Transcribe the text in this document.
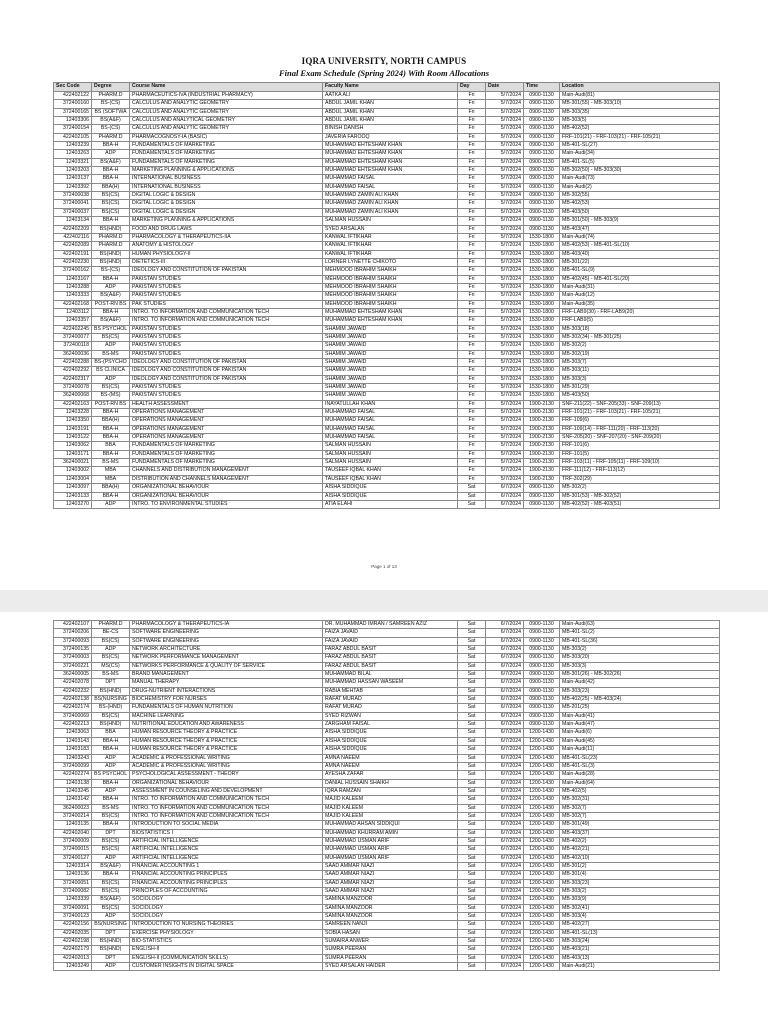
IQRA UNIVERSITY, NORTH CAMPUS
Final Exam Schedule (Spring 2024) With Room Allocations
Sec Code	Degree	Course Name	Faculty Name	Day	Date	Time	Location
422402122	PHARM.D	PHARMACEUTICS-IVA (INDUSTRIAL PHARMACY)	AATKA ALI	Fri	5/7/2024	0900-1130	Main-Audi(81)
372400160	BS-(CS)	CALCULUS AND ANALYTIC GEOMETRY	ABDUL JAMIL KHAN	Fri	5/7/2024	0900-1130	MB-301(55) - MB-303(10)
372400165	BS (SOFTWA	CALCULUS AND ANALYTIC GEOMETRY	ABDUL JAMIL KHAN	Fri	5/7/2024	0900-1130	MB-303(35)
12403306	BS(A&F)	CALCULUS AND ANALYTICAL GEOMETRY	ABDUL JAMIL KHAN	Fri	5/7/2024	0900-1130	MB-303(5)
372400154	BS-(CS)	CALCULUS AND ANALYTIC GEOMETRY	BINISH DANISH	Fri	5/7/2024	0900-1130	MB-402(52)
422402105	PHARM.D	PHARMACOGNOSY-IA (BASIC)	JAVERIA FAROOQ	Fri	5/7/2024	0900-1130	FRF-101(21) - FRF-103(21) - FRF-105(21)
12403239	BBA-H	FUNDAMENTALS OF MARKETING	MUHAMMAD EHTESHAM KHAN	Fri	5/7/2024	0900-1130	MB-401-SL(27)
12403263	ADP	FUNDAMENTALS OF MARKETING	MUHAMMAD EHTESHAM KHAN	Fri	5/7/2024	0900-1130	Main-Audi(34)
12403321	BS(A&F)	FUNDAMENTALS OF MARKETING	MUHAMMAD EHTESHAM KHAN	Fri	5/7/2024	0900-1130	MB-401-SL(5)
12403203	BBA-H	MARKETING PLANNING & APPLICATIONS	MUHAMMAD EHTESHAM KHAN	Fri	5/7/2024	0900-1130	MB-302(50) - MB-303(30)
12403137	BBA-H	INTERNATIONAL BUSINESS	MUHAMMAD FAISAL	Fri	5/7/2024	0900-1130	Main-Audi(73)
12403392	BBA(H)	INTERNATIONAL BUSINESS	MUHAMMAD FAISAL	Fri	5/7/2024	0900-1130	Main-Audi(2)
372400038	BS(CS)	DIGITAL LOGIC & DESIGN	MUHAMMAD ZAMIN ALI KHAN	Fri	5/7/2024	0900-1130	MB-302(55)
372400041	BS(CS)	DIGITAL LOGIC & DESIGN	MUHAMMAD ZAMIN ALI KHAN	Fri	5/7/2024	0900-1130	MB-402(53)
372400037	BS(CS)	DIGITAL LOGIC & DESIGN	MUHAMMAD ZAMIN ALI KHAN	Fri	5/7/2024	0900-1130	MB-403(50)
12403134	BBA-H	MARKETING PLANNING & APPLICATIONS	SALMAN HUSSAIN	Fri	5/7/2024	0900-1130	MB-301(50) - MB-303(9)
422402209	BS(HND)	FOOD AND DRUG LAWS	SYED ARSALAN	Fri	5/7/2024	0900-1130	MB-403(47)
422402116	PHARM.D	PHARMACOLOGY & THERAPEUTICS-IIA	KANWAL IFTIKHAR	Fri	5/7/2024	1530-1800	Main-Audi(74)
422402089	PHARM.D	ANATOMY & HISTOLOGY	KANWAL IFTIKHAR	Fri	5/7/2024	1530-1800	MB-402(53) - MB-401-SL(10)
422402191	BS(HND)	HUMAN PHYSIOLOGY-II	KANWAL IFTIKHAR	Fri	5/7/2024	1530-1800	MB-403(40)
422402230	BS(HND)	DIETETICS-III	LORNER LYNETTE CHIKOTO	Fri	5/7/2024	1530-1800	MB-301(22)
372400162	BS-(CS)	IDEOLOGY AND CONSTITUTION OF PAKISTAN	MEHMOOD IBRAHIM SHAIKH	Fri	5/7/2024	1530-1800	MB-401-SL(9)
12403167	BBA-H	PAKISTAN STUDIES	MEHMOOD IBRAHIM SHAIKH	Fri	5/7/2024	1530-1800	MB-402(45) - MB-401-SL(20)
12403288	ADP	PAKISTAN STUDIES	MEHMOOD IBRAHIM SHAIKH	Fri	5/7/2024	1530-1800	Main-Audi(31)
12403333	BS(A&F)	PAKISTAN STUDIES	MEHMOOD IBRAHIM SHAIKH	Fri	5/7/2024	1530-1800	Main-Audi(12)
422402168	POST-RN BS	PAK STUDIES	MEHMOOD IBRAHIM SHAIKH	Fri	5/7/2024	1530-1800	Main-Audi(35)
12403112	BBA-H	INTRO. TO INFORMATION AND COMMUNICATION TECH	MUHAMMAD EHTESHAM KHAN	Fri	5/7/2024	1530-1800	FRF-LAB9(30) - FRF-LAB9(20)
12403357	BS(A&F)	INTRO. TO INFORMATION AND COMMUNICATION TECH	MUHAMMAD EHTESHAM KHAN	Fri	5/7/2024	1530-1800	FRF-LAB9(5)
422402245	BS PSYCHOL	PAKISTAN STUDIES	SHAMIM JAWAID	Fri	5/7/2024	1530-1800	MB-303(18)
372400077	BS(CS)	PAKISTAN STUDIES	SHAMIM JAWAID	Fri	5/7/2024	1530-1800	MB-302(34) - MB-301(25)
372400118	ADP	PAKISTAN STUDIES	SHAMIM JAWAID	Fri	5/7/2024	1530-1800	MB-302(2)
362400036	BS-MS	PAKISTAN STUDIES	SHAMIM JAWAID	Fri	5/7/2024	1530-1800	MB-302(19)
422402288	BS-(PSYCHO	IDEOLOGY AND CONSTITUTION OF PAKISTAN	SHAMIM JAWAID	Fri	5/7/2024	1530-1800	MB-303(7)
422402292	BS CLINICA	IDEOLOGY AND CONSTITUTION OF PAKISTAN	SHAMIM JAWAID	Fri	5/7/2024	1530-1800	MB-303(11)
422402317	ADP	IDEOLOGY AND CONSTITUTION OF PAKISTAN	SHAMIM JAWAID	Fri	5/7/2024	1530-1800	MB-303(3)
372400078	BS(CS)	PAKISTAN STUDIES	SHAMIM JAWAID	Fri	5/7/2024	1530-1800	MB-301(29)
362400068	BS-(MS)	PAKISTAN STUDIES	SHAMIM JAWAID	Fri	5/7/2024	1530-1800	MB-403(50)
422402163	POST-RN BS	HEALTH ASSESSMENT	INAYATULLAH KHAN	Fri	5/7/2024	1900-2130	SNF-211(22) - SNF-205(33) - SNF-209(13)
12403228	BBA-H	OPERATIONS MANAGEMENT	MUHAMMAD FAISAL	Fri	5/7/2024	1900-2130	FRF-101(21) - FRF-103(21) - FRF-105(21)
12403350	BBA(H)	OPERATIONS MANAGEMENT	MUHAMMAD FAISAL	Fri	5/7/2024	1900-2130	FRF-109(6)
12403191	BBA-H	OPERATIONS MANAGEMENT	MUHAMMAD FAISAL	Fri	5/7/2024	1900-2130	FRF-109(14) - FRF-111(20) - FRF-113(20)
12403122	BBA-H	OPERATIONS MANAGEMENT	MUHAMMAD FAISAL	Fri	5/7/2024	1900-2130	SNF-205(20) - SNF-207(20) - SNF-209(20)
12403062	BBA	FUNDAMENTALS OF MARKETING	SALMAN HUSSAIN	Fri	5/7/2024	1900-2130	FRF-101(6)
12403171	BBA-H	FUNDAMENTALS OF MARKETING	SALMAN HUSSAIN	Fri	5/7/2024	1900-2130	FRF-101(5)
362400021	BS-MS	FUNDAMENTALS OF MARKETING	SALMAN HUSSAIN	Fri	5/7/2024	1900-2130	FRF-103(11) - FRF-105(11) - FRF-109(10)
12403002	MBA	CHANNELS AND DISTRIBUTION MANAGEMENT	TAUSEEF IQBAL KHAN	Fri	5/7/2024	1900-2130	FRF-111(12) - FRF-113(12)
12403004	MBA	DISTRIBUTION AND CHANNELS MANAGEMENT	TAUSEEF IQBAL KHAN	Fri	5/7/2024	1900-2130	TRF-302(29)
12403097	BBA(H)	ORGANIZATIONAL BEHAVIOUR	AISHA SIDDIQUE	Sat	6/7/2024	0900-1130	MB-302(2)
12403133	BBA-H	ORGANIZATIONAL BEHAVIOUR	AISHA SIDDIQUE	Sat	6/7/2024	0900-1130	MB-301(53) - MB-302(52)
12403270	ADP	INTRO. TO ENVIRONMENTAL STUDIES	ATIA ELAHI	Sat	6/7/2024	0900-1130	MB-402(52) - MB-403(51)
Page 1 of 13
422402107	PHARM.D	PHARMACOLOGY & THERAPEUTICS-IA	DR. MUHAMMAD IMRAN / SAMREEN AZIZ	Sat	6/7/2024	0900-1130	Main-Audi(63)
372400206	BE-CS	SOFTWARE ENGINEERING	FAIZA JAVAID	Sat	6/7/2024	0900-1130	MB-401-SL(2)
372400093	BS(CS)	SOFTWARE ENGINEERING	FAIZA JAVAID	Sat	6/7/2024	0900-1130	MB-401-SL(36)
372400135	ADP	NETWORK ARCHITECTURE	FARAZ ABDUL BASIT	Sat	6/7/2024	0900-1130	MB-303(2)
372400003	BS(CS)	NETWORK PERFORMANCE MANAGEMENT	FARAZ ABDUL BASIT	Sat	6/7/2024	0900-1130	MB-303(20)
372400221	MS(CS)	NETWORKS PERFORMANCE & QUALITY OF SERVICE	FARAZ ABDUL BASIT	Sat	6/7/2024	0900-1130	MB-303(3)
362400005	BS-MS	BRAND MANAGEMENT	MUHAMMAD BILAL	Sat	6/7/2024	0900-1130	MB-301(26) - MB-302(26)
422402078	DPT	MANUAL THERAPY	MUHAMMAD HASSAN WASEEM	Sat	6/7/2024	0900-1130	Main-Audi(42)
422402232	BS(HND)	DRUG-NUTRIENT INTERACTIONS	RABIA MEHTAB	Sat	6/7/2024	0900-1130	MB-303(23)
422402138	BS(NURSING	BIOCHEMISTRY FOR NURSES	RAFAT MURAD	Sat	6/7/2024	0900-1130	MB-402(25) - MB-403(24)
422402174	BS-(HND)	FUNDAMENTALS OF HUMAN NUTRITION	RAFAT MURAD	Sat	6/7/2024	0900-1130	MB-201(25)
372400069	BS(CS)	MACHINE LEARNING	SYED RIZWAN	Sat	6/7/2024	0900-1130	Main-Audi(41)
422402213	BS(HND)	NUTRITIONAL EDUCATION AND AWARENESS	ZARGHAM FAISAL	Sat	6/7/2024	0900-1130	Main-Audi(47)
12403063	BBA	HUMAN RESOURCE THEORY & PRACTICE	AISHA SIDDIQUE	Sat	6/7/2024	1200-1430	Main-Audi(6)
12403143	BBA-H	HUMAN RESOURCE THEORY & PRACTICE	AISHA SIDDIQUE	Sat	6/7/2024	1200-1430	Main-Audi(45)
12403183	BBA-H	HUMAN RESOURCE THEORY & PRACTICE	AISHA SIDDIQUE	Sat	6/7/2024	1200-1430	Main-Audi(11)
12403243	ADP	ACADEMIC & PROFESSIONAL WRITING	AMNA NAEEM	Sat	6/7/2024	1200-1430	MB-401-SL(23)
372400099	ADP	ACADEMIC & PROFESSIONAL WRITING	AMNA NAEEM	Sat	6/7/2024	1200-1430	MB-401-SL(3)
422402274	BS PSYCHOL	PSYCHOLOGICAL ASSESSMENT - THEORY	AYESHA ZAFAR	Sat	6/7/2024	1200-1430	Main-Audi(28)
12403138	BBA-H	ORGANIZATIONAL BEHAVIOUR	DANIAL HUSSAIN SHAIKH	Sat	6/7/2024	1200-1430	Main-Audi(64)
12403245	ADP	ASSESSMENT IN COUNSELING AND DEVELOPMENT	IQRA RAMZAN	Sat	6/7/2024	1200-1430	MB-402(5)
12403142	BBA-H	INTRO. TO INFORMATION AND COMMUNICATION TECH	MAJID KALEEM	Sat	6/7/2024	1200-1430	MB-302(31)
362400023	BS-MS	INTRO. TO INFORMATION AND COMMUNICATION TECH	MAJID KALEEM	Sat	6/7/2024	1200-1430	MB-302(7)
372400214	BS(CS)	INTRO. TO INFORMATION AND COMMUNICATION TECH	MAJID KALEEM	Sat	6/7/2024	1200-1430	MB-302(7)
12403135	BBA-H	INTRODUCTION TO SOCIAL MEDIA	MUHAMMAD AHSAN SIDDIQUI	Sat	6/7/2024	1200-1430	MB-301(49)
422402040	DPT	BIOSTATISTICS I	MUHAMMAD KHURRAM AMIN	Sat	6/7/2024	1200-1430	MB-403(37)
372400009	BS(CS)	ARTIFICIAL INTELLIGENCE	MUHAMMAD USMAN ARIF	Sat	6/7/2024	1200-1430	MB-402(2)
372400015	BS(CS)	ARTIFICIAL INTELLIGENCE	MUHAMMAD USMAN ARIF	Sat	6/7/2024	1200-1430	MB-402(21)
372400127	ADP	ARTIFICIAL INTELLIGENCE	MUHAMMAD USMAN ARIF	Sat	6/7/2024	1200-1430	MB-402(10)
12403314	BS(A&F)	FINANCIAL ACCOUNTING 1	SAAD AMMAR NIAZI	Sat	6/7/2024	1200-1430	MB-301(2)
12403136	BBA-H	FINANCIAL ACCOUNTING PRINCIPLES	SAAD AMMAR NIAZI	Sat	6/7/2024	1200-1430	MB-301(4)
372400051	BS(CS)	FINANCIAL ACCOUNTING PRINCIPLES	SAAD AMMAR NIAZI	Sat	6/7/2024	1200-1430	MB-303(23)
372400082	BS(CS)	PRINCIPLES OF ACCOUNTING	SAAD AMMAR NIAZI	Sat	6/7/2024	1200-1430	MB-303(2)
12403339	BS(A&F)	SOCIOLOGY	SAMINA MANZOOR	Sat	6/7/2024	1200-1430	MB-303(9)
372400091	BS(CS)	SOCIOLOGY	SAMINA MANZOOR	Sat	6/7/2024	1200-1430	MB-302(41)
372400123	ADP	SOCIOLOGY	SAMINA MANZOOR	Sat	6/7/2024	1200-1430	MB-303(4)
422402156	BS(NURSING	INTRODUCTION TO NURSING THEORIES	SAMREEN NANJI	Sat	6/7/2024	1200-1430	MB-402(27)
422402035	DPT	EXERCISE PHYSIOLOGY	SOBIA HASAN	Sat	6/7/2024	1200-1430	MB-401-SL(13)
422402198	BS(HND)	BIO-STATISTICS	SUMAIRA ANWER	Sat	6/7/2024	1200-1430	MB-303(24)
422402179	BS(HND)	ENGLISH-II	SUMRA PEERAN	Sat	6/7/2024	1200-1430	MB-403(21)
422402013	DPT	ENGLISH-II (COMMUNICATION SKILLS)	SUMRA PEERAN	Sat	6/7/2024	1200-1430	MB-403(13)
12403249	ADP	CUSTOMER INSIGHTS IN DIGITAL SPACE	SYED ARSALAN HAIDER	Sat	6/7/2024	1200-1430	Main-Audi(21)
